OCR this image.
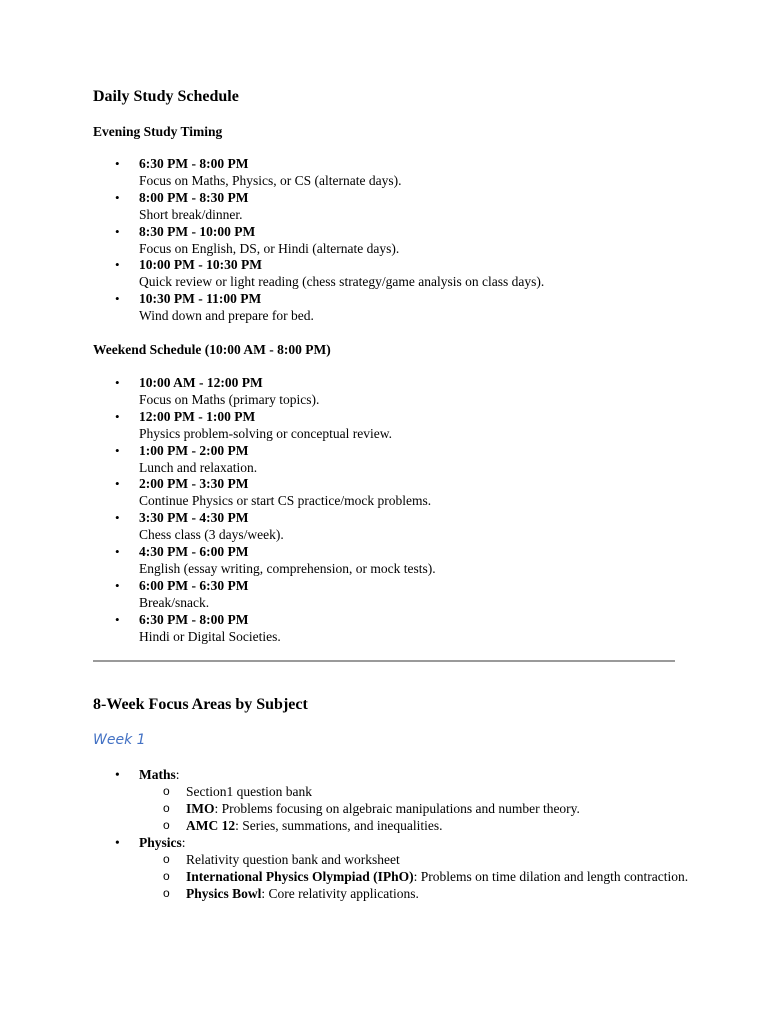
Daily Study Schedule
Evening Study Timing
• 6:30 PM - 8:00 PM
Focus on Maths, Physics, or CS (alternate days).
• 8:00 PM - 8:30 PM
Short break/dinner.
• 8:30 PM - 10:00 PM
Focus on English, DS, or Hindi (alternate days).
• 10:00 PM - 10:30 PM
Quick review or light reading (chess strategy/game analysis on class days).
• 10:30 PM - 11:00 PM
Wind down and prepare for bed.
Weekend Schedule (10:00 AM - 8:00 PM)
• 10:00 AM - 12:00 PM
Focus on Maths (primary topics).
• 12:00 PM - 1:00 PM
Physics problem-solving or conceptual review.
• 1:00 PM - 2:00 PM
Lunch and relaxation.
• 2:00 PM - 3:30 PM
Continue Physics or start CS practice/mock problems.
• 3:30 PM - 4:30 PM
Chess class (3 days/week).
• 4:30 PM - 6:00 PM
English (essay writing, comprehension, or mock tests).
• 6:00 PM - 6:30 PM
Break/snack.
• 6:30 PM - 8:00 PM
Hindi or Digital Societies.
8-Week Focus Areas by Subject
Week 1
• Maths:
o Section1 question bank
o IMO: Problems focusing on algebraic manipulations and number theory.
o AMC 12: Series, summations, and inequalities.
• Physics:
o Relativity question bank and worksheet
o International Physics Olympiad (IPhO): Problems on time dilation and length contraction.
o Physics Bowl: Core relativity applications.
